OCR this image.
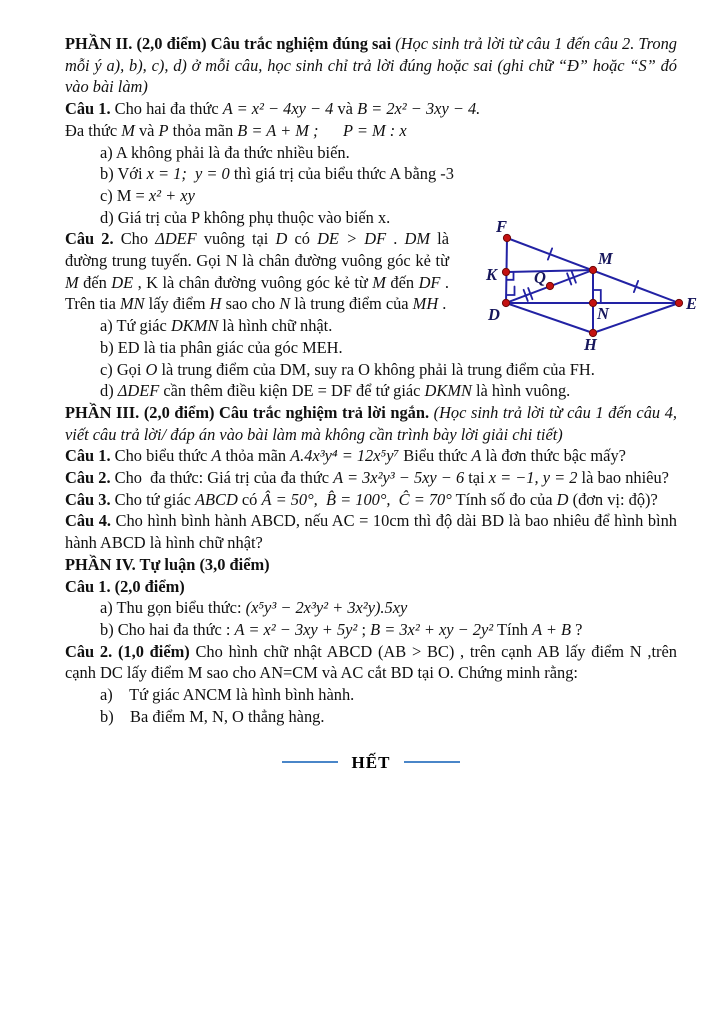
PHẦN II. (2,0 điểm) Câu trắc nghiệm đúng sai (Học sinh trả lời từ câu 1 đến câu 2. Trong mỗi ý a), b), c), d) ở mỗi câu, học sinh chỉ trả lời đúng hoặc sai (ghi chữ “Đ” hoặc “S” đó vào bài làm)

Câu 1. Cho hai đa thức A = x² − 4xy − 4 và B = 2x² − 3xy − 4.

Đa thức M và P thỏa mãn B = A + M ; P = M : x

a) A không phải là đa thức nhiều biến.

b) Với x = 1;  y = 0 thì giá trị của biểu thức A bằng -3

c) M = x² + xy

d) Giá trị của P không phụ thuộc vào biến x.

Câu 2. Cho ΔDEF vuông tại D có DE > DF . DM là đường trung tuyến. Gọi N là chân đường vuông góc kẻ từ M đến DE , K là chân đường vuông góc kẻ từ M đến DF . Trên tia MN lấy điểm H sao cho N là trung điểm của MH .

a) Tứ giác DKMN là hình chữ nhật.

b) ED là tia phân giác của góc MEH.

c) Gọi O là trung điểm của DM, suy ra O không phải là trung điểm của FH.

d) ΔDEF cần thêm điều kiện DE = DF để tứ giác DKMN là hình vuông.

PHẦN III. (2,0 điểm) Câu trắc nghiệm trả lời ngắn. (Học sinh trả lời từ câu 1 đến câu 4, viết câu trả lời/ đáp án vào bài làm mà không cần trình bày lời giải chi tiết)

Câu 1. Cho biểu thức A thỏa mãn A.4x³y⁴ = 12x⁵y⁷ Biểu thức A là đơn thức bậc mấy?

Câu 2. Cho  đa thức: Giá trị của đa thức A = 3x²y³ − 5xy − 6 tại x = −1, y = 2 là bao nhiêu?

Câu 3. Cho tứ giác ABCD có Â = 50°,  B̂ = 100°,  Ĉ = 70° Tính số đo của D (đơn vị: độ)?

Câu 4. Cho hình bình hành ABCD, nếu AC = 10cm thì độ dài BD là bao nhiêu để hình bình hành ABCD là hình chữ nhật?

PHẦN IV. Tự luận (3,0 điểm)

Câu 1. (2,0 điểm)

a) Thu gọn biểu thức: (x⁵y³ − 2x³y² + 3x²y).5xy

b) Cho hai đa thức : A = x² − 3xy + 5y² ; B = 3x² + xy − 2y² Tính A + B ?

Câu 2. (1,0 điểm) Cho hình chữ nhật ABCD (AB > BC) , trên cạnh AB lấy điểm N ,trên cạnh DC lấy điểm M sao cho AN=CM và AC cắt BD tại O. Chứng minh rằng:

a)    Tứ giác ANCM là hình bình hành.

b)    Ba điểm M, N, O thẳng hàng.

HẾT
F
K
D
M
Q
N
E
H
